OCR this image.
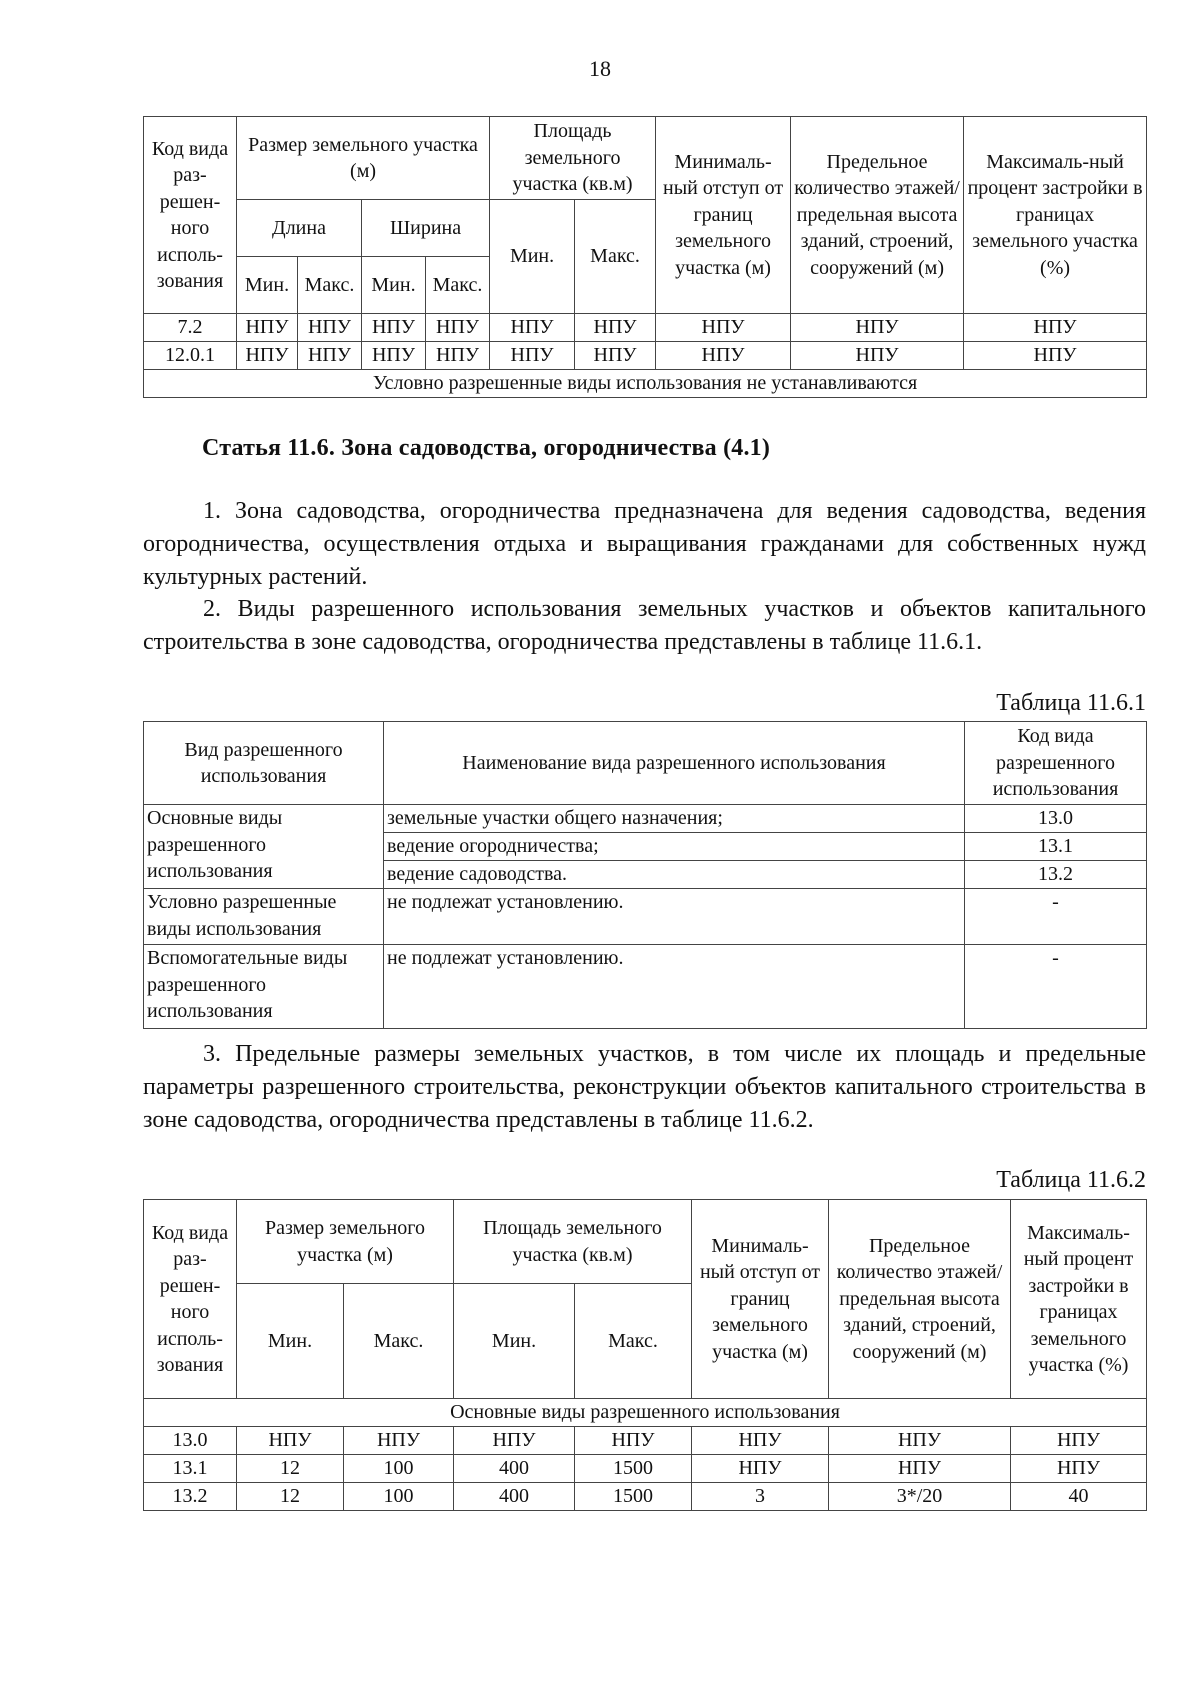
18
Код вида раз-решен-ного исполь-зования	Размер земельного участка (м)				Площадь земельного участка (кв.м)		Минималь-ный отступ от границ земельного участка (м)	Предельное количество этажей/ предельная высота зданий, строений, сооружений (м)	Максималь-ный процент застройки в границах земельного участка (%)
	Длина		Ширина		Мин.	Макс.			
	Мин.	Макс.	Мин.	Макс.					
7.2	НПУ	НПУ	НПУ	НПУ	НПУ	НПУ	НПУ	НПУ	НПУ
12.0.1	НПУ	НПУ	НПУ	НПУ	НПУ	НПУ	НПУ	НПУ	НПУ
Условно разрешенные виды использования не устанавливаются									
Статья 11.6. Зона садоводства, огородничества (4.1)

1. Зона садоводства, огородничества предназначена для ведения садоводства, ведения огородничества, осуществления отдыха и выращивания гражданами для собственных нужд культурных растений.

2. Виды разрешенного использования земельных участков и объектов капитального строительства в зоне садоводства, огородничества представлены в таблице 11.6.1.

Таблица 11.6.1
Вид разрешенного использования	Наименование вида разрешенного использования	Код вида разрешенного использования
Основные виды разрешенного использования	земельные участки общего назначения;	13.0
	ведение огородничества;	13.1
	ведение садоводства.	13.2
Условно разрешенные виды использования	не подлежат установлению.	-
Вспомогательные виды разрешенного использования	не подлежат установлению.	-

3. Предельные размеры земельных участков, в том числе их площадь и предельные параметры разрешенного строительства, реконструкции объектов капитального строительства в зоне садоводства, огородничества представлены в таблице 11.6.2.

Таблица 11.6.2
Код вида раз-решен-ного исполь-зования	Размер земельного участка (м)		Площадь земельного участка (кв.м)		Минималь-ный отступ от границ земельного участка (м)	Предельное количество этажей/ предельная высота зданий, строений, сооружений (м)	Максималь-ный процент застройки в границах земельного участка (%)
	Мин.	Макс.	Мин.	Макс.			
Основные виды разрешенного использования							
13.0	НПУ	НПУ	НПУ	НПУ	НПУ	НПУ	НПУ
13.1	12	100	400	1500	НПУ	НПУ	НПУ
13.2	12	100	400	1500	3	3*/20	40
